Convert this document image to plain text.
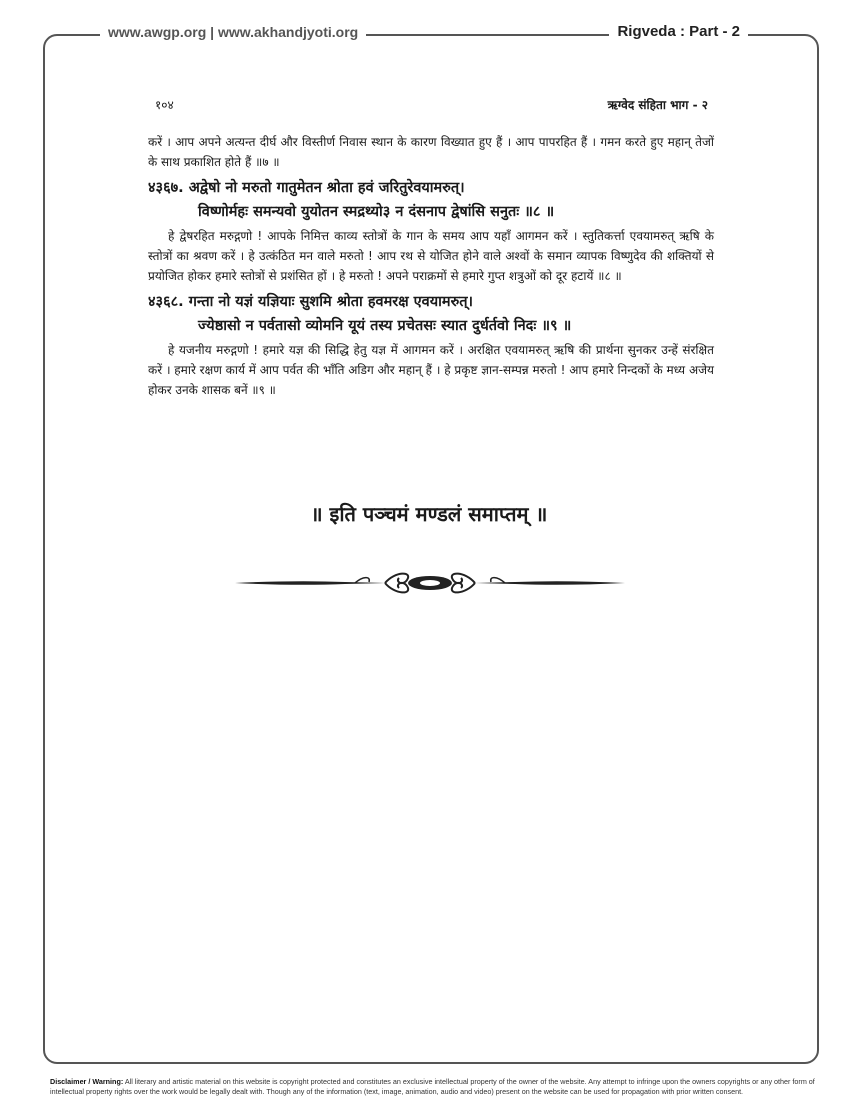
www.awgp.org | www.akhandjyoti.org	Rigveda : Part - 2
१०४	ऋग्वेद संहिता भाग - २

करें । आप अपने अत्यन्त दीर्घ और विस्तीर्ण निवास स्थान के कारण विख्यात हुए हैं । आप पापरहित हैं । गमन करते हुए महान् तेजों के साथ प्रकाशित होते हैं ॥७ ॥

४३६७. अद्वेषो नो मरुतो गातुमेतन श्रोता हवं जरितुरेवयामरुत्।
विष्णोर्महः समन्यवो युयोतन स्मद्रथ्यो३ न दंसनाप द्वेषांसि सनुतः ॥८ ॥

हे द्वेषरहित मरुद्गणो ! आपके निमित्त काव्य स्तोत्रों के गान के समय आप यहाँ आगमन करें । स्तुतिकर्त्ता एवयामरुत् ऋषि के स्तोत्रों का श्रवण करें । हे उत्कंठित मन वाले मरुतो ! आप रथ से योजित होने वाले अश्वों के समान व्यापक विष्णुदेव की शक्तियों से प्रयोजित होकर हमारे स्तोत्रों से प्रशंसित हों । हे मरुतो ! अपने पराक्रमों से हमारे गुप्त शत्रुओं को दूर हटायें ॥८ ॥

४३६८. गन्ता नो यज्ञं यज्ञियाः सुशमि श्रोता हवमरक्ष एवयामरुत्।
ज्येष्ठासो न पर्वतासो व्योमनि यूयं तस्य प्रचेतसः स्यात दुर्धर्तवो निदः ॥९ ॥

हे यजनीय मरुद्गणो ! हमारे यज्ञ की सिद्धि हेतु यज्ञ में आगमन करें । अरक्षित एवयामरुत् ऋषि की प्रार्थना सुनकर उन्हें संरक्षित करें । हमारे रक्षण कार्य में आप पर्वत की भाँति अडिग और महान् हैं । हे प्रकृष्ट ज्ञान-सम्पन्न मरुतो ! आप हमारे निन्दकों के मध्य अजेय होकर उनके शासक बनें ॥९ ॥

॥ इति पञ्चमं मण्डलं समाप्तम् ॥
Disclaimer / Warning: All literary and artistic material on this website is copyright protected and constitutes an exclusive intellectual property of the owner of the website. Any attempt to infringe upon the owners copyrights or any other form of intellectual property rights over the work would be legally dealt with. Though any of the information (text, image, animation, audio and video) present on the website can be used for propagation with prior written consent.
